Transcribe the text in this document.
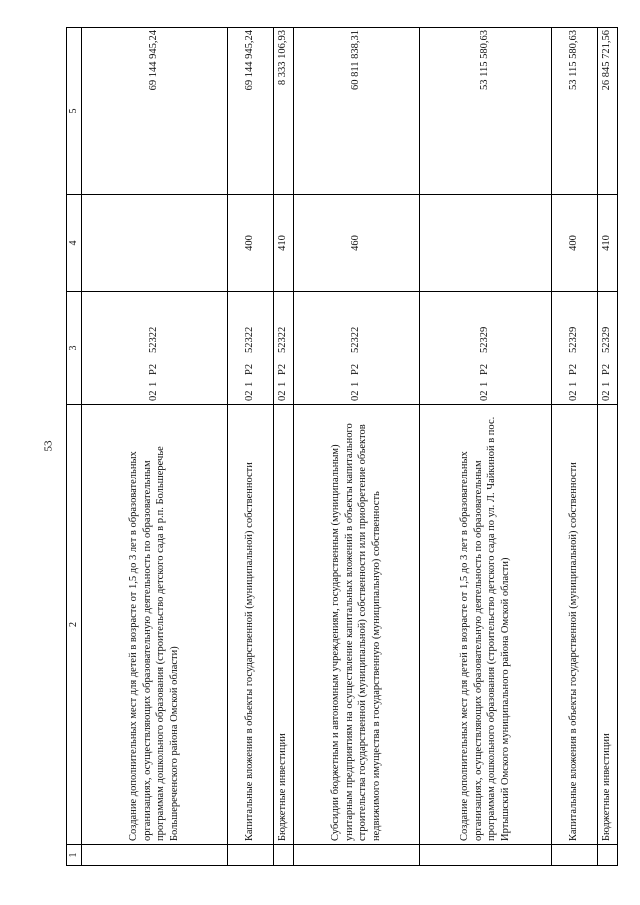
53
1	2	3	4	5
	Создание дополнительных мест для детей в возрасте от 1,5 до 3 лет в образовательных организациях, осуществляющих образовательную деятельность по образовательным программам дошкольного образования (строительство детского сада в р.п. Большеречье Большереченского района Омской области)	021P252322		69 144 945,24
	Капитальные вложения в объекты государственной (муниципальной) собственности	021P252322	400	69 144 945,24
	Бюджетные инвестиции	021P252322	410	8 333 106,93
	Субсидии бюджетным и автономным учреждениям, государственным (муниципальным) унитарным предприятиям на осуществление капитальных вложений в объекты капитального строительства государственной (муниципальной) собственности или приобретение объектов недвижимого имущества в государственную (муниципальную) собственность	021P252322	460	60 811 838,31
	Создание дополнительных мест для детей в возрасте от 1,5 до 3 лет в образовательных организациях, осуществляющих образовательную деятельность по образовательным программам дошкольного образования (строительство детского сада по ул. Л. Чайкиной в пос. Иртышский Омского муниципального района Омской области)	021P252329		53 115 580,63
	Капитальные вложения в объекты государственной (муниципальной) собственности	021P252329	400	53 115 580,63
	Бюджетные инвестиции	021P252329	410	26 845 721,56
